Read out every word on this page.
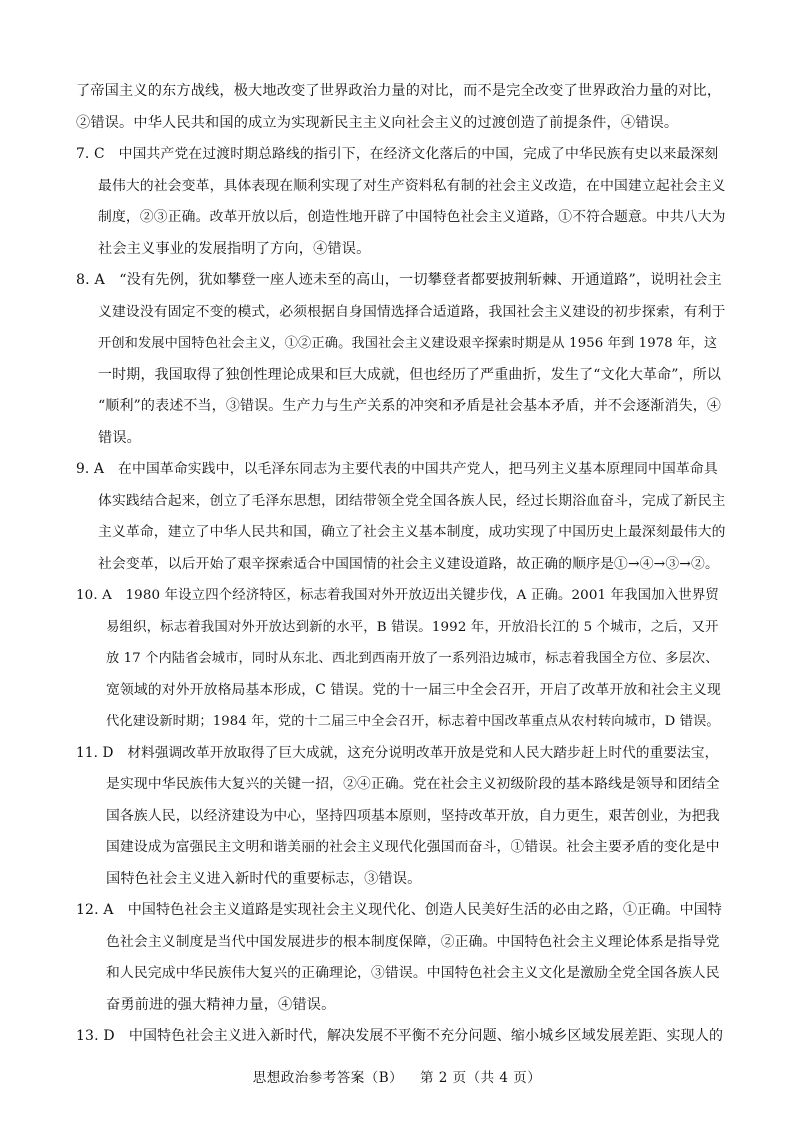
了帝国主义的东方战线，极大地改变了世界政治力量的对比，而不是完全改变了世界政治力量的对比，
②错误。中华人民共和国的成立为实现新民主主义向社会主义的过渡创造了前提条件，④错误。
7. C　中国共产党在过渡时期总路线的指引下，在经济文化落后的中国，完成了中华民族有史以来最深刻
最伟大的社会变革，具体表现在顺利实现了对生产资料私有制的社会主义改造，在中国建立起社会主义
制度，②③正确。改革开放以后，创造性地开辟了中国特色社会主义道路，①不符合题意。中共八大为
社会主义事业的发展指明了方向，④错误。
8. A　“没有先例，犹如攀登一座人迹未至的高山，一切攀登者都要披荆斩棘、开通道路”，说明社会主
义建设没有固定不变的模式，必须根据自身国情选择合适道路，我国社会主义建设的初步探索，有利于
开创和发展中国特色社会主义，①②正确。我国社会主义建设艰辛探索时期是从 1956 年到 1978 年，这
一时期，我国取得了独创性理论成果和巨大成就，但也经历了严重曲折，发生了“文化大革命”，所以
“顺利”的表述不当，③错误。生产力与生产关系的冲突和矛盾是社会基本矛盾，并不会逐渐消失，④
错误。
9. A　在中国革命实践中，以毛泽东同志为主要代表的中国共产党人，把马列主义基本原理同中国革命具
体实践结合起来，创立了毛泽东思想，团结带领全党全国各族人民，经过长期浴血奋斗，完成了新民主
主义革命，建立了中华人民共和国，确立了社会主义基本制度，成功实现了中国历史上最深刻最伟大的
社会变革，以后开始了艰辛探索适合中国国情的社会主义建设道路，故正确的顺序是①→④→③→②。
10. A　1980 年设立四个经济特区，标志着我国对外开放迈出关键步伐，A 正确。2001 年我国加入世界贸
易组织，标志着我国对外开放达到新的水平，B 错误。1992 年，开放沿长江的 5 个城市，之后，又开
放 17 个内陆省会城市，同时从东北、西北到西南开放了一系列沿边城市，标志着我国全方位、多层次、
宽领域的对外开放格局基本形成，C 错误。党的十一届三中全会召开，开启了改革开放和社会主义现
代化建设新时期；1984 年，党的十二届三中全会召开，标志着中国改革重点从农村转向城市，D 错误。
11. D　材料强调改革开放取得了巨大成就，这充分说明改革开放是党和人民大踏步赶上时代的重要法宝，
是实现中华民族伟大复兴的关键一招，②④正确。党在社会主义初级阶段的基本路线是领导和团结全
国各族人民，以经济建设为中心，坚持四项基本原则，坚持改革开放，自力更生，艰苦创业，为把我
国建设成为富强民主文明和谐美丽的社会主义现代化强国而奋斗，①错误。社会主要矛盾的变化是中
国特色社会主义进入新时代的重要标志，③错误。
12. A　中国特色社会主义道路是实现社会主义现代化、创造人民美好生活的必由之路，①正确。中国特
色社会主义制度是当代中国发展进步的根本制度保障，②正确。中国特色社会主义理论体系是指导党
和人民完成中华民族伟大复兴的正确理论，③错误。中国特色社会主义文化是激励全党全国各族人民
奋勇前进的强大精神力量，④错误。
13. D　中国特色社会主义进入新时代，解决发展不平衡不充分问题、缩小城乡区域发展差距、实现人的
思想政治参考答案（B） 第 2 页（共 4 页）
